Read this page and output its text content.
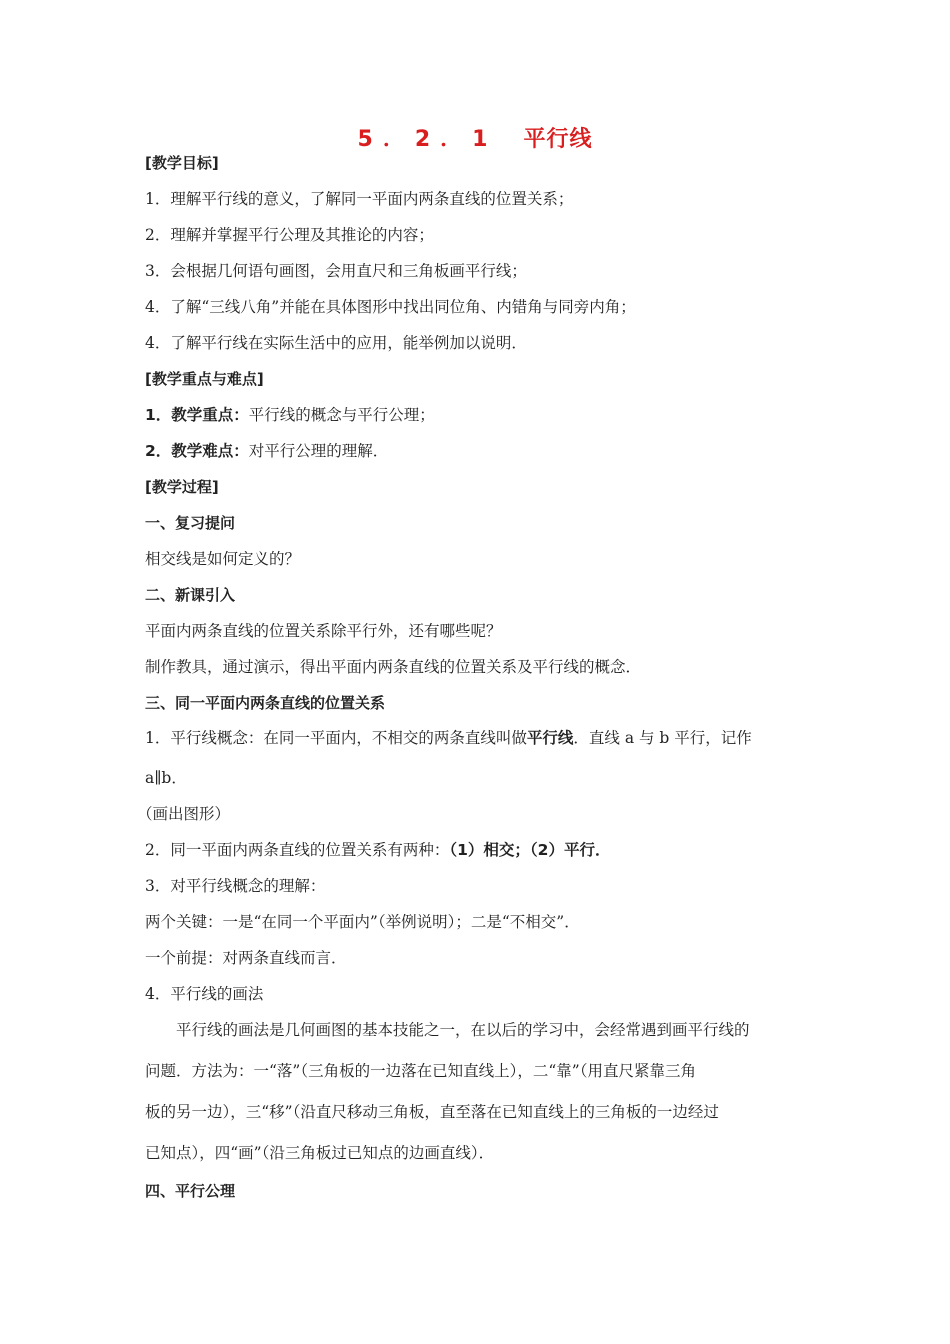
5．2．1 平行线
[教学目标]
1．理解平行线的意义，了解同一平面内两条直线的位置关系；
2．理解并掌握平行公理及其推论的内容；
3．会根据几何语句画图，会用直尺和三角板画平行线；
4．了解“三线八角”并能在具体图形中找出同位角、内错角与同旁内角；
4．了解平行线在实际生活中的应用，能举例加以说明．
[教学重点与难点]
1．教学重点：平行线的概念与平行公理；
2．教学难点：对平行公理的理解．
[教学过程]
一、复习提问
相交线是如何定义的？
二、新课引入
平面内两条直线的位置关系除平行外，还有哪些呢？
制作教具，通过演示，得出平面内两条直线的位置关系及平行线的概念．
三、同一平面内两条直线的位置关系
1．平行线概念：在同一平面内，不相交的两条直线叫做平行线．直线 a 与 b 平行，记作
a∥b．
（画出图形）
2．同一平面内两条直线的位置关系有两种：（1）相交；（2）平行．
3．对平行线概念的理解：
两个关键：一是“在同一个平面内”（举例说明）；二是“不相交”．
一个前提：对两条直线而言．
4．平行线的画法
平行线的画法是几何画图的基本技能之一，在以后的学习中，会经常遇到画平行线的
问题．方法为：一“落”（三角板的一边落在已知直线上），二“靠”（用直尺紧靠三角
板的另一边），三“移”（沿直尺移动三角板，直至落在已知直线上的三角板的一边经过
已知点），四“画”（沿三角板过已知点的边画直线）．
四、平行公理
